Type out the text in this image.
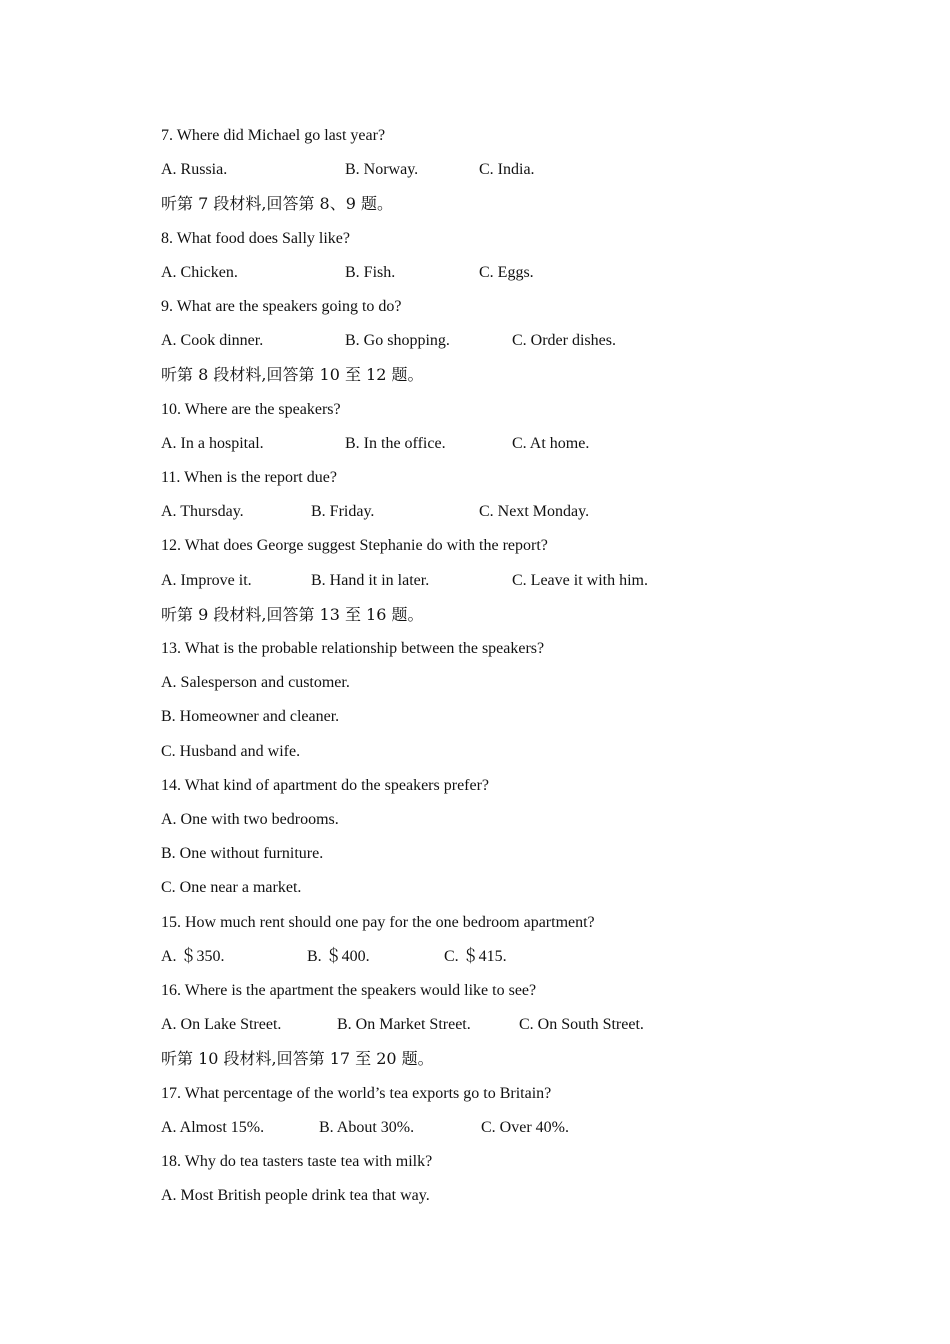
7. Where did Michael go last year?
A. Russia.	B. Norway.	C. India.
听第 7 段材料,回答第 8、9 题。
8. What food does Sally like?
A. Chicken.	B. Fish.	C. Eggs.
9. What are the speakers going to do?
A. Cook dinner.	B. Go shopping.	C. Order dishes.
听第 8 段材料,回答第 10 至 12 题。
10. Where are the speakers?
A. In a hospital.	B. In the office.	C. At home.
11. When is the report due?
A. Thursday.	B. Friday.	C. Next Monday.
12. What does George suggest Stephanie do with the report?
A. Improve it.	B. Hand it in later.	C. Leave it with him.
听第 9 段材料,回答第 13 至 16 题。
13. What is the probable relationship between the speakers?
A. Salesperson and customer.
B. Homeowner and cleaner.
C. Husband and wife.
14. What kind of apartment do the speakers prefer?
A. One with two bedrooms.
B. One without furniture.
C. One near a market.
15. How much rent should one pay for the one bedroom apartment?
A. ＄350.	B. ＄400.	C. ＄415.
16. Where is the apartment the speakers would like to see?
A. On Lake Street.	B. On Market Street.	C. On South Street.
听第 10 段材料,回答第 17 至 20 题。
17. What percentage of the world’s tea exports go to Britain?
A. Almost 15%.	B. About 30%.	C. Over 40%.
18. Why do tea tasters taste tea with milk?
A. Most British people drink tea that way.
